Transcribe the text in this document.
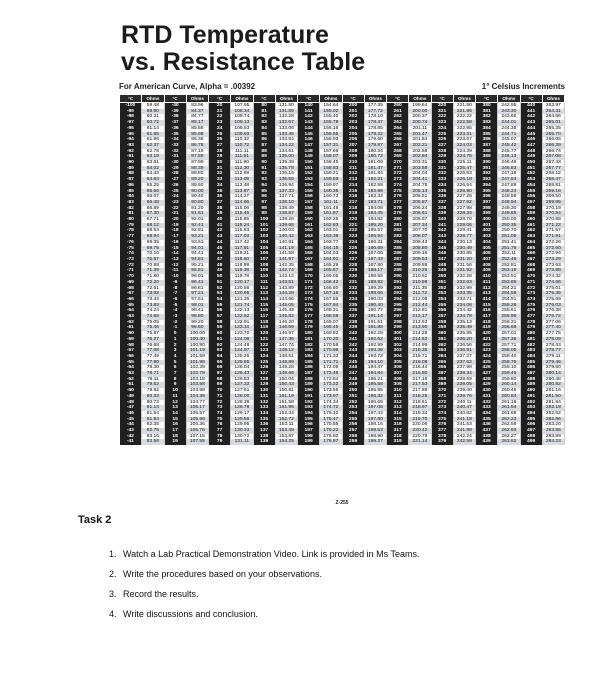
RTD Temperature
vs. Resistance Table
For American Curve, Alpha = .00392	1° Celsius Increments
°C	Ohms	°C	Ohms	°C	Ohms	°C	Ohms	°C	Ohms	°C	Ohms	°C	Ohms	°C	Ohms	°C	Ohms	°C	Ohms
-100	59.48	-40	83.96	20	107.95	80	131.50	140	154.64	200	177.35	260	199.64	320	221.50	380	242.95	440	263.97
-99	59.90	-39	84.37	21	108.34	81	131.89	141	155.02	201	177.72	261	200.00	321	221.86	381	243.30	441	264.31
-98	60.31	-38	84.77	22	108.74	82	132.28	142	155.40	202	178.10	262	200.37	322	222.22	382	243.65	442	264.66
-97	60.72	-37	85.17	23	109.13	83	132.67	143	155.78	203	178.47	263	200.74	323	222.58	383	244.01	443	265.01
-96	61.14	-36	85.58	24	109.53	84	133.06	144	156.16	204	178.85	264	201.11	324	222.95	384	244.36	444	265.35
-95	61.55	-35	85.98	25	109.93	85	133.45	145	156.55	205	179.22	265	201.47	325	223.31	385	244.71	445	265.70
-94	61.96	-34	86.38	26	110.32	86	133.84	146	156.93	206	179.60	266	201.84	326	223.67	386	245.07	446	266.05
-93	62.37	-33	86.78	27	110.72	87	134.22	147	157.31	207	179.97	267	202.21	327	224.03	387	245.42	447	266.39
-92	62.78	-32	87.19	28	111.11	88	134.61	148	157.69	208	180.34	268	202.58	328	224.39	388	245.77	448	266.74
-91	63.19	-31	87.59	29	111.51	89	135.00	149	158.07	209	180.72	269	202.94	329	224.75	389	246.13	449	267.08
-90	63.61	-30	87.99	30	111.90	90	135.39	150	158.45	210	181.09	270	203.31	330	225.11	390	246.48	450	267.43
-89	64.02	-29	88.39	31	112.30	91	135.78	151	158.83	211	181.47	271	203.68	331	225.47	391	246.83	451	267.77
-88	64.43	-28	88.80	32	112.69	92	136.16	152	159.21	212	181.84	272	204.04	332	225.83	392	247.18	452	268.12
-87	64.84	-27	89.20	33	113.09	93	136.55	153	159.59	213	182.21	273	204.41	333	226.18	393	247.54	453	268.47
-86	65.25	-26	89.60	34	113.48	94	136.94	154	159.97	214	182.59	274	204.78	334	226.54	394	247.89	454	268.81
-85	65.66	-25	90.00	35	113.87	95	137.33	155	160.35	215	182.96	275	205.14	335	226.90	395	248.24	455	269.16
-84	66.07	-24	90.40	36	114.27	96	137.71	156	160.73	216	183.33	276	205.51	336	227.26	396	248.59	456	269.50
-83	66.48	-23	90.80	37	114.66	97	138.10	157	161.11	217	183.71	277	205.87	337	227.62	397	248.94	457	269.85
-82	66.89	-22	91.20	38	115.06	98	138.49	158	161.49	218	184.08	278	206.24	338	227.98	398	249.30	458	270.19
-81	67.30	-21	91.61	39	115.45	99	138.87	159	161.87	219	184.45	279	206.61	339	228.34	399	249.65	459	270.54
-80	67.71	-20	92.01	40	115.85	100	139.26	160	162.25	220	184.82	280	206.97	340	228.70	400	250.00	460	270.88
-79	68.12	-19	92.41	41	116.24	101	139.65	161	162.63	221	185.20	281	207.34	341	229.06	401	250.35	461	271.22
-78	68.53	-18	92.81	42	116.63	102	140.03	162	163.01	222	185.57	282	207.70	342	229.41	402	250.70	462	271.57
-77	68.94	-17	93.21	43	117.03	103	140.42	163	163.39	223	185.94	283	208.07	343	229.77	403	251.05	463	271.91
-76	69.35	-16	93.61	44	117.42	104	140.81	164	163.77	224	186.31	284	208.43	344	230.13	404	251.41	464	272.26
-75	69.75	-15	94.01	45	117.81	105	141.19	165	164.15	225	186.69	285	208.80	345	230.49	405	251.76	465	272.60
-74	70.16	-14	94.41	46	118.21	106	141.58	166	164.53	226	187.06	286	209.16	346	230.85	406	252.11	466	272.94
-73	70.57	-13	94.81	47	118.60	107	141.97	167	164.91	227	187.43	287	209.53	347	231.20	407	252.46	467	273.29
-72	70.98	-12	95.21	48	118.99	108	142.35	168	165.29	228	187.80	288	209.89	348	231.56	408	252.81	468	273.63
-71	71.39	-11	95.61	49	119.38	109	142.74	169	165.67	229	188.17	289	210.26	349	231.92	409	253.16	469	273.98
-70	71.80	-10	96.01	50	119.78	110	143.12	170	166.05	230	188.55	290	210.62	350	232.28	410	253.51	470	274.32
-69	72.20	-9	96.41	51	120.17	111	143.51	171	166.42	231	188.92	291	210.99	351	232.63	411	253.86	471	274.66
-68	72.61	-8	96.81	52	120.56	112	143.89	172	166.80	232	189.29	292	211.35	352	232.99	412	254.21	472	275.01
-67	73.02	-7	97.21	53	120.95	113	144.28	173	167.18	233	189.66	293	211.72	353	233.35	413	254.56	473	275.35
-66	73.43	-6	97.61	54	121.35	114	144.66	174	167.56	234	190.03	294	212.08	354	233.71	414	254.91	474	275.69
-65	73.83	-5	98.01	55	121.74	115	145.05	175	167.94	235	190.40	295	212.44	355	234.06	415	255.26	475	276.03
-64	74.24	-4	98.41	56	122.13	116	145.43	176	168.31	236	190.77	296	212.81	356	234.42	416	255.61	476	276.38
-63	74.65	-3	98.80	57	122.52	117	145.82	177	168.69	237	191.14	297	213.17	357	234.78	417	255.96	477	276.72
-62	75.05	-2	99.20	58	122.91	118	146.20	178	169.07	238	191.51	298	213.53	358	235.13	418	256.31	478	277.06
-61	75.46	-1	99.60	59	123.31	119	146.59	179	169.45	239	191.88	299	213.90	359	235.49	419	256.66	479	277.40
-60	75.87	0	100.00	60	123.70	120	146.97	180	169.82	240	192.25	300	214.26	360	235.85	420	257.01	480	277.75
-59	76.27	1	100.40	61	124.09	121	147.36	181	170.20	241	192.62	301	214.62	361	236.20	421	257.36	481	278.09
-58	76.68	2	100.80	62	124.48	122	147.74	182	170.58	242	192.99	302	214.99	362	236.56	422	257.71	482	278.43
-57	77.08	3	101.19	63	124.87	123	148.12	183	170.96	243	193.36	303	215.35	363	236.91	423	258.05	483	278.77
-56	77.49	4	101.59	64	125.26	124	148.51	184	171.33	244	193.73	304	215.71	364	237.27	424	258.40	484	279.11
-55	77.90	5	101.99	65	125.65	125	148.89	185	171.71	245	194.10	305	216.08	365	237.62	425	258.75	485	279.46
-54	78.30	6	102.39	66	126.04	126	149.28	186	172.09	246	194.47	306	216.44	366	237.98	426	259.10	486	279.80
-53	78.71	7	102.79	67	126.43	127	149.66	187	172.46	247	194.84	307	216.80	367	238.34	427	259.45	487	280.14
-52	79.11	8	103.18	68	126.83	128	150.04	188	172.84	248	195.21	308	217.16	368	238.69	428	259.80	488	280.48
-51	79.52	9	103.58	69	127.22	129	150.43	189	173.22	249	195.58	309	217.53	369	239.05	429	260.14	489	280.82
-50	79.92	10	103.98	70	127.61	130	150.81	190	173.59	250	195.95	310	217.89	370	239.40	430	260.49	490	281.16
-49	80.33	11	104.38	71	128.00	131	151.19	191	173.97	251	196.32	311	218.25	371	239.76	431	260.84	491	281.50
-48	80.73	12	104.77	72	128.39	132	151.58	192	174.34	252	196.69	312	218.61	372	240.11	432	261.19	492	281.84
-47	81.14	13	105.17	73	128.78	133	151.96	193	174.72	253	197.06	313	218.97	373	240.47	433	261.54	493	282.18
-46	81.54	14	105.57	74	129.17	134	152.34	194	175.10	254	197.43	314	219.34	374	240.82	434	261.88	494	282.52
-45	81.94	15	105.96	75	129.56	135	152.72	195	175.47	255	197.80	315	219.70	375	241.18	435	262.23	495	282.86
-44	82.35	16	106.36	76	129.95	136	153.11	196	175.85	256	198.16	316	220.06	376	241.53	436	262.58	496	283.20
-43	82.75	17	106.76	77	130.33	137	153.49	197	176.22	257	198.53	317	220.42	377	241.88	437	262.93	497	283.55
-42	83.16	18	107.15	78	130.72	138	153.87	198	176.60	258	198.90	318	220.78	378	242.24	438	263.27	498	283.89
-41	83.56	19	107.55	79	131.11	139	154.25	199	176.97	259	199.27	319	221.14	379	242.59	439	263.62	499	284.23
Z-255
Task 2
1. Watch a Lab Practical Demonstration Video. Link is provided in Ms Teams.
2. Write the procedures based on your observations.
3. Record the results.
4. Write discussions and conclusion.
